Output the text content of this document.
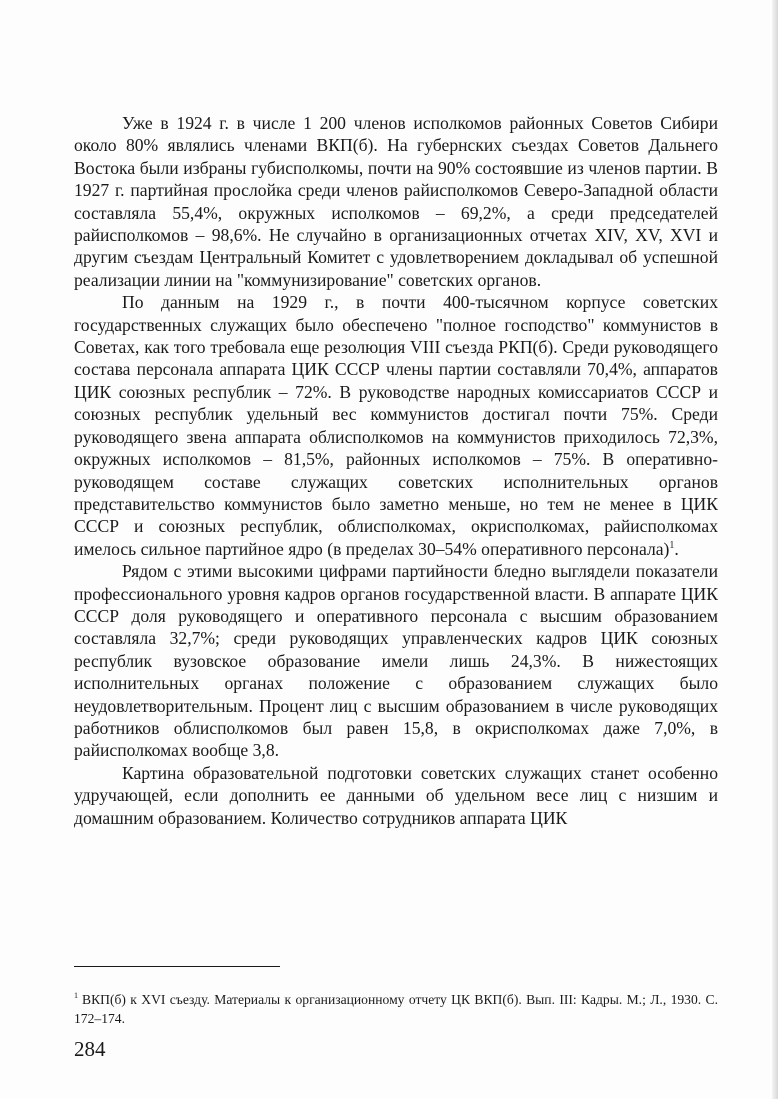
Уже в 1924 г. в числе 1 200 членов исполкомов районных Советов Сибири около 80% являлись членами ВКП(б). На губернских съездах Советов Дальнего Востока были избраны губисполкомы, почти на 90% состоявшие из членов партии. В 1927 г. партийная прослойка среди членов райисполкомов Северо-Западной области составляла 55,4%, окружных исполкомов – 69,2%, а среди председателей райисполкомов – 98,6%. Не случайно в организационных отчетах XIV, XV, XVI и другим съездам Центральный Комитет с удовлетворением докладывал об успешной реализации линии на "коммунизирование" советских органов.

По данным на 1929 г., в почти 400-тысячном корпусе советских государственных служащих было обеспечено "полное господство" коммунистов в Советах, как того требовала еще резолюция VIII съезда РКП(б). Среди руководящего состава персонала аппарата ЦИК СССР члены партии составляли 70,4%, аппаратов ЦИК союзных республик – 72%. В руководстве народных комиссариатов СССР и союзных республик удельный вес коммунистов достигал почти 75%. Среди руководящего звена аппарата облисполкомов на коммунистов приходилось 72,3%, окружных исполкомов – 81,5%, районных исполкомов – 75%. В оперативно-руководящем составе служащих советских исполнительных органов представительство коммунистов было заметно меньше, но тем не менее в ЦИК СССР и союзных республик, облисполкомах, окрисполкомах, райисполкомах имелось сильное партийное ядро (в пределах 30–54% оперативного персонала)$^1$.

Рядом с этими высокими цифрами партийности бледно выглядели показатели профессионального уровня кадров органов государственной власти. В аппарате ЦИК СССР доля руководящего и оперативного персонала с высшим образованием составляла 32,7%; среди руководящих управленческих кадров ЦИК союзных республик вузовское образование имели лишь 24,3%. В нижестоящих исполнительных органах положение с образованием служащих было неудовлетворительным. Процент лиц с высшим образованием в числе руководящих работников облисполкомов был равен 15,8, в окрисполкомах даже 7,0%, в райисполкомах вообще 3,8.

Картина образовательной подготовки советских служащих станет особенно удручающей, если дополнить ее данными об удельном весе лиц с низшим и домашним образованием. Количество сотрудников аппарата ЦИК

$^1$ ВКП(б) к XVI съезду. Материалы к организационному отчету ЦК ВКП(б). Вып. III: Кадры. М.; Л., 1930. С. 172–174.
284
